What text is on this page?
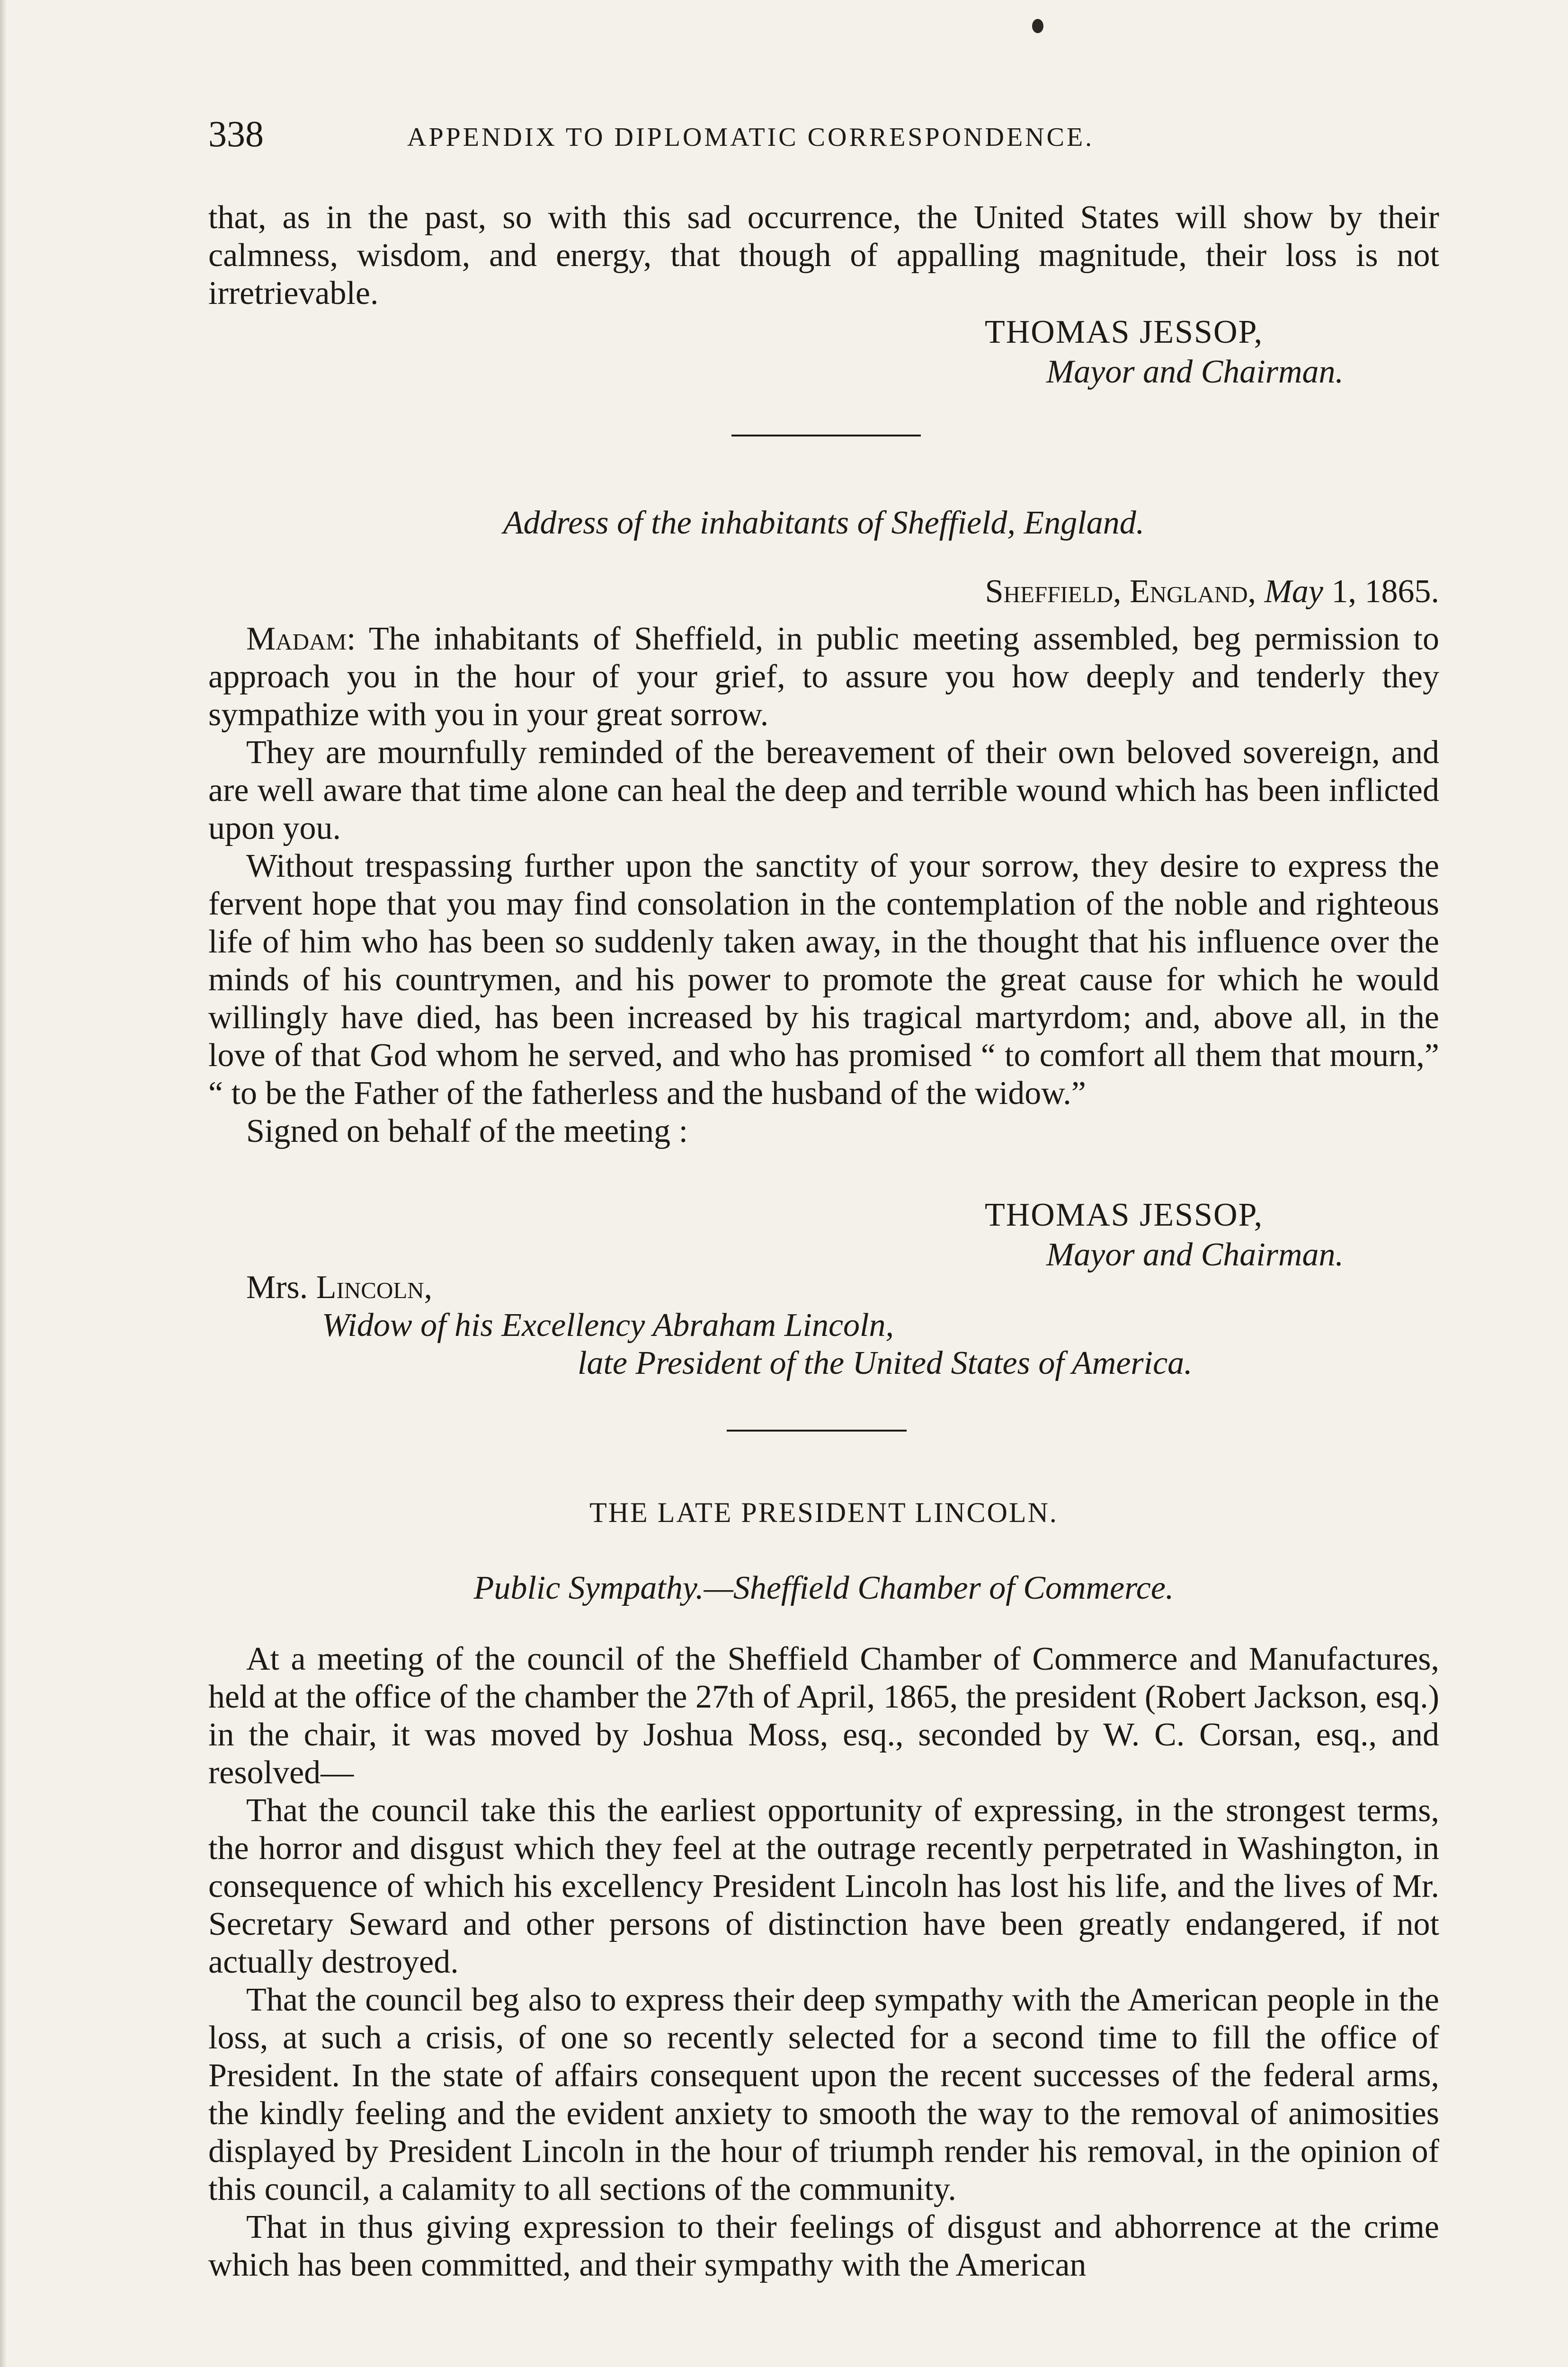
338	APPENDIX TO DIPLOMATIC CORRESPONDENCE.

that, as in the past, so with this sad occurrence, the United States will show by their calmness, wisdom, and energy, that though of appalling magnitude, their loss is not irretrievable.

THOMAS JESSOP,
Mayor and Chairman.
Address of the inhabitants of Sheffield, England.
Sheffield, England, May 1, 1865.

Madam: The inhabitants of Sheffield, in public meeting assembled, beg permission to approach you in the hour of your grief, to assure you how deeply and tenderly they sympathize with you in your great sorrow.

They are mournfully reminded of the bereavement of their own beloved sovereign, and are well aware that time alone can heal the deep and terrible wound which has been inflicted upon you.

Without trespassing further upon the sanctity of your sorrow, they desire to express the fervent hope that you may find consolation in the contemplation of the noble and righteous life of him who has been so suddenly taken away, in the thought that his influence over the minds of his countrymen, and his power to promote the great cause for which he would willingly have died, has been increased by his tragical martyrdom; and, above all, in the love of that God whom he served, and who has promised “ to comfort all them that mourn,” “ to be the Father of the fatherless and the husband of the widow.”

Signed on behalf of the meeting :

THOMAS JESSOP,
Mayor and Chairman.
Mrs. Lincoln,
Widow of his Excellency Abraham Lincoln,
late President of the United States of America.
THE LATE PRESIDENT LINCOLN.
Public Sympathy.—Sheffield Chamber of Commerce.

At a meeting of the council of the Sheffield Chamber of Commerce and Manufactures, held at the office of the chamber the 27th of April, 1865, the president (Robert Jackson, esq.) in the chair, it was moved by Joshua Moss, esq., seconded by W. C. Corsan, esq., and resolved—

That the council take this the earliest opportunity of expressing, in the strongest terms, the horror and disgust which they feel at the outrage recently perpetrated in Washington, in consequence of which his excellency President Lincoln has lost his life, and the lives of Mr. Secretary Seward and other persons of distinction have been greatly endangered, if not actually destroyed.

That the council beg also to express their deep sympathy with the American people in the loss, at such a crisis, of one so recently selected for a second time to fill the office of President. In the state of affairs consequent upon the recent successes of the federal arms, the kindly feeling and the evident anxiety to smooth the way to the removal of animosities displayed by President Lincoln in the hour of triumph render his removal, in the opinion of this council, a calamity to all sections of the community.

That in thus giving expression to their feelings of disgust and abhorrence at the crime which has been committed, and their sympathy with the American
